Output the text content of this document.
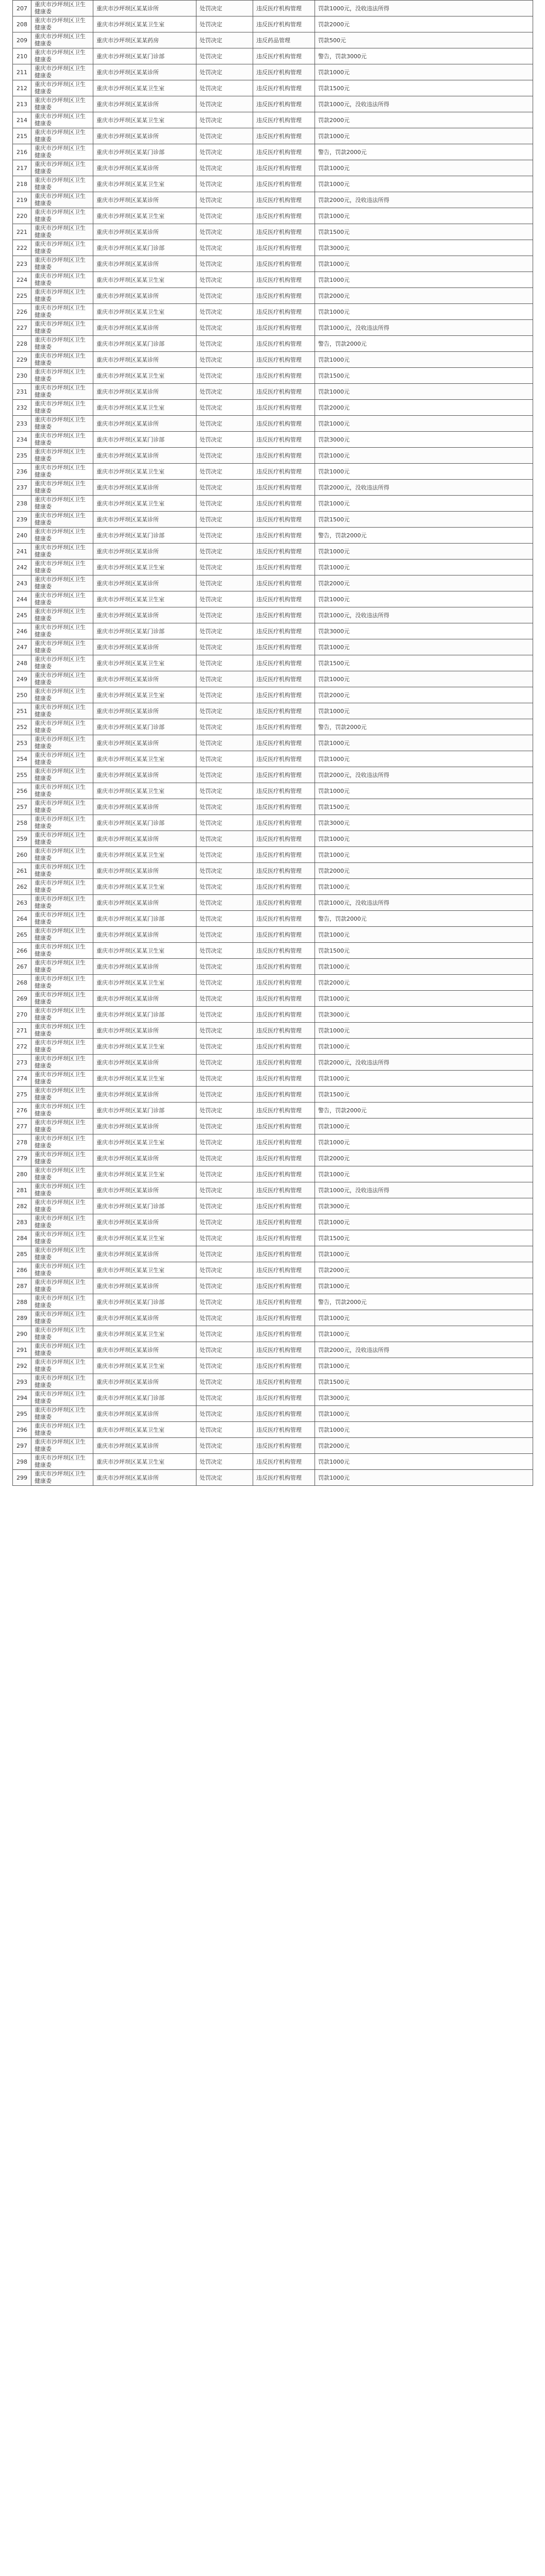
207	重庆市沙坪坝区卫生健康委	重庆市沙坪坝区某某诊所	处罚决定	违反医疗机构管理	罚款1000元，没收违法所得
208	重庆市沙坪坝区卫生健康委	重庆市沙坪坝区某某卫生室	处罚决定	违反医疗机构管理	罚款2000元
209	重庆市沙坪坝区卫生健康委	重庆市沙坪坝区某某药房	处罚决定	违反药品管理	罚款500元
210	重庆市沙坪坝区卫生健康委	重庆市沙坪坝区某某门诊部	处罚决定	违反医疗机构管理	警告，罚款3000元
211	重庆市沙坪坝区卫生健康委	重庆市沙坪坝区某某诊所	处罚决定	违反医疗机构管理	罚款1000元
212	重庆市沙坪坝区卫生健康委	重庆市沙坪坝区某某卫生室	处罚决定	违反医疗机构管理	罚款1500元
213	重庆市沙坪坝区卫生健康委	重庆市沙坪坝区某某诊所	处罚决定	违反医疗机构管理	罚款1000元，没收违法所得
214	重庆市沙坪坝区卫生健康委	重庆市沙坪坝区某某卫生室	处罚决定	违反医疗机构管理	罚款2000元
215	重庆市沙坪坝区卫生健康委	重庆市沙坪坝区某某诊所	处罚决定	违反医疗机构管理	罚款1000元
216	重庆市沙坪坝区卫生健康委	重庆市沙坪坝区某某门诊部	处罚决定	违反医疗机构管理	警告，罚款2000元
217	重庆市沙坪坝区卫生健康委	重庆市沙坪坝区某某诊所	处罚决定	违反医疗机构管理	罚款1000元
218	重庆市沙坪坝区卫生健康委	重庆市沙坪坝区某某卫生室	处罚决定	违反医疗机构管理	罚款1000元
219	重庆市沙坪坝区卫生健康委	重庆市沙坪坝区某某诊所	处罚决定	违反医疗机构管理	罚款2000元，没收违法所得
220	重庆市沙坪坝区卫生健康委	重庆市沙坪坝区某某卫生室	处罚决定	违反医疗机构管理	罚款1000元
221	重庆市沙坪坝区卫生健康委	重庆市沙坪坝区某某诊所	处罚决定	违反医疗机构管理	罚款1500元
222	重庆市沙坪坝区卫生健康委	重庆市沙坪坝区某某门诊部	处罚决定	违反医疗机构管理	罚款3000元
223	重庆市沙坪坝区卫生健康委	重庆市沙坪坝区某某诊所	处罚决定	违反医疗机构管理	罚款1000元
224	重庆市沙坪坝区卫生健康委	重庆市沙坪坝区某某卫生室	处罚决定	违反医疗机构管理	罚款1000元
225	重庆市沙坪坝区卫生健康委	重庆市沙坪坝区某某诊所	处罚决定	违反医疗机构管理	罚款2000元
226	重庆市沙坪坝区卫生健康委	重庆市沙坪坝区某某卫生室	处罚决定	违反医疗机构管理	罚款1000元
227	重庆市沙坪坝区卫生健康委	重庆市沙坪坝区某某诊所	处罚决定	违反医疗机构管理	罚款1000元，没收违法所得
228	重庆市沙坪坝区卫生健康委	重庆市沙坪坝区某某门诊部	处罚决定	违反医疗机构管理	警告，罚款2000元
229	重庆市沙坪坝区卫生健康委	重庆市沙坪坝区某某诊所	处罚决定	违反医疗机构管理	罚款1000元
230	重庆市沙坪坝区卫生健康委	重庆市沙坪坝区某某卫生室	处罚决定	违反医疗机构管理	罚款1500元
231	重庆市沙坪坝区卫生健康委	重庆市沙坪坝区某某诊所	处罚决定	违反医疗机构管理	罚款1000元
232	重庆市沙坪坝区卫生健康委	重庆市沙坪坝区某某卫生室	处罚决定	违反医疗机构管理	罚款2000元
233	重庆市沙坪坝区卫生健康委	重庆市沙坪坝区某某诊所	处罚决定	违反医疗机构管理	罚款1000元
234	重庆市沙坪坝区卫生健康委	重庆市沙坪坝区某某门诊部	处罚决定	违反医疗机构管理	罚款3000元
235	重庆市沙坪坝区卫生健康委	重庆市沙坪坝区某某诊所	处罚决定	违反医疗机构管理	罚款1000元
236	重庆市沙坪坝区卫生健康委	重庆市沙坪坝区某某卫生室	处罚决定	违反医疗机构管理	罚款1000元
237	重庆市沙坪坝区卫生健康委	重庆市沙坪坝区某某诊所	处罚决定	违反医疗机构管理	罚款2000元，没收违法所得
238	重庆市沙坪坝区卫生健康委	重庆市沙坪坝区某某卫生室	处罚决定	违反医疗机构管理	罚款1000元
239	重庆市沙坪坝区卫生健康委	重庆市沙坪坝区某某诊所	处罚决定	违反医疗机构管理	罚款1500元
240	重庆市沙坪坝区卫生健康委	重庆市沙坪坝区某某门诊部	处罚决定	违反医疗机构管理	警告，罚款2000元
241	重庆市沙坪坝区卫生健康委	重庆市沙坪坝区某某诊所	处罚决定	违反医疗机构管理	罚款1000元
242	重庆市沙坪坝区卫生健康委	重庆市沙坪坝区某某卫生室	处罚决定	违反医疗机构管理	罚款1000元
243	重庆市沙坪坝区卫生健康委	重庆市沙坪坝区某某诊所	处罚决定	违反医疗机构管理	罚款2000元
244	重庆市沙坪坝区卫生健康委	重庆市沙坪坝区某某卫生室	处罚决定	违反医疗机构管理	罚款1000元
245	重庆市沙坪坝区卫生健康委	重庆市沙坪坝区某某诊所	处罚决定	违反医疗机构管理	罚款1000元，没收违法所得
246	重庆市沙坪坝区卫生健康委	重庆市沙坪坝区某某门诊部	处罚决定	违反医疗机构管理	罚款3000元
247	重庆市沙坪坝区卫生健康委	重庆市沙坪坝区某某诊所	处罚决定	违反医疗机构管理	罚款1000元
248	重庆市沙坪坝区卫生健康委	重庆市沙坪坝区某某卫生室	处罚决定	违反医疗机构管理	罚款1500元
249	重庆市沙坪坝区卫生健康委	重庆市沙坪坝区某某诊所	处罚决定	违反医疗机构管理	罚款1000元
250	重庆市沙坪坝区卫生健康委	重庆市沙坪坝区某某卫生室	处罚决定	违反医疗机构管理	罚款2000元
251	重庆市沙坪坝区卫生健康委	重庆市沙坪坝区某某诊所	处罚决定	违反医疗机构管理	罚款1000元
252	重庆市沙坪坝区卫生健康委	重庆市沙坪坝区某某门诊部	处罚决定	违反医疗机构管理	警告，罚款2000元
253	重庆市沙坪坝区卫生健康委	重庆市沙坪坝区某某诊所	处罚决定	违反医疗机构管理	罚款1000元
254	重庆市沙坪坝区卫生健康委	重庆市沙坪坝区某某卫生室	处罚决定	违反医疗机构管理	罚款1000元
255	重庆市沙坪坝区卫生健康委	重庆市沙坪坝区某某诊所	处罚决定	违反医疗机构管理	罚款2000元，没收违法所得
256	重庆市沙坪坝区卫生健康委	重庆市沙坪坝区某某卫生室	处罚决定	违反医疗机构管理	罚款1000元
257	重庆市沙坪坝区卫生健康委	重庆市沙坪坝区某某诊所	处罚决定	违反医疗机构管理	罚款1500元
258	重庆市沙坪坝区卫生健康委	重庆市沙坪坝区某某门诊部	处罚决定	违反医疗机构管理	罚款3000元
259	重庆市沙坪坝区卫生健康委	重庆市沙坪坝区某某诊所	处罚决定	违反医疗机构管理	罚款1000元
260	重庆市沙坪坝区卫生健康委	重庆市沙坪坝区某某卫生室	处罚决定	违反医疗机构管理	罚款1000元
261	重庆市沙坪坝区卫生健康委	重庆市沙坪坝区某某诊所	处罚决定	违反医疗机构管理	罚款2000元
262	重庆市沙坪坝区卫生健康委	重庆市沙坪坝区某某卫生室	处罚决定	违反医疗机构管理	罚款1000元
263	重庆市沙坪坝区卫生健康委	重庆市沙坪坝区某某诊所	处罚决定	违反医疗机构管理	罚款1000元，没收违法所得
264	重庆市沙坪坝区卫生健康委	重庆市沙坪坝区某某门诊部	处罚决定	违反医疗机构管理	警告，罚款2000元
265	重庆市沙坪坝区卫生健康委	重庆市沙坪坝区某某诊所	处罚决定	违反医疗机构管理	罚款1000元
266	重庆市沙坪坝区卫生健康委	重庆市沙坪坝区某某卫生室	处罚决定	违反医疗机构管理	罚款1500元
267	重庆市沙坪坝区卫生健康委	重庆市沙坪坝区某某诊所	处罚决定	违反医疗机构管理	罚款1000元
268	重庆市沙坪坝区卫生健康委	重庆市沙坪坝区某某卫生室	处罚决定	违反医疗机构管理	罚款2000元
269	重庆市沙坪坝区卫生健康委	重庆市沙坪坝区某某诊所	处罚决定	违反医疗机构管理	罚款1000元
270	重庆市沙坪坝区卫生健康委	重庆市沙坪坝区某某门诊部	处罚决定	违反医疗机构管理	罚款3000元
271	重庆市沙坪坝区卫生健康委	重庆市沙坪坝区某某诊所	处罚决定	违反医疗机构管理	罚款1000元
272	重庆市沙坪坝区卫生健康委	重庆市沙坪坝区某某卫生室	处罚决定	违反医疗机构管理	罚款1000元
273	重庆市沙坪坝区卫生健康委	重庆市沙坪坝区某某诊所	处罚决定	违反医疗机构管理	罚款2000元，没收违法所得
274	重庆市沙坪坝区卫生健康委	重庆市沙坪坝区某某卫生室	处罚决定	违反医疗机构管理	罚款1000元
275	重庆市沙坪坝区卫生健康委	重庆市沙坪坝区某某诊所	处罚决定	违反医疗机构管理	罚款1500元
276	重庆市沙坪坝区卫生健康委	重庆市沙坪坝区某某门诊部	处罚决定	违反医疗机构管理	警告，罚款2000元
277	重庆市沙坪坝区卫生健康委	重庆市沙坪坝区某某诊所	处罚决定	违反医疗机构管理	罚款1000元
278	重庆市沙坪坝区卫生健康委	重庆市沙坪坝区某某卫生室	处罚决定	违反医疗机构管理	罚款1000元
279	重庆市沙坪坝区卫生健康委	重庆市沙坪坝区某某诊所	处罚决定	违反医疗机构管理	罚款2000元
280	重庆市沙坪坝区卫生健康委	重庆市沙坪坝区某某卫生室	处罚决定	违反医疗机构管理	罚款1000元
281	重庆市沙坪坝区卫生健康委	重庆市沙坪坝区某某诊所	处罚决定	违反医疗机构管理	罚款1000元，没收违法所得
282	重庆市沙坪坝区卫生健康委	重庆市沙坪坝区某某门诊部	处罚决定	违反医疗机构管理	罚款3000元
283	重庆市沙坪坝区卫生健康委	重庆市沙坪坝区某某诊所	处罚决定	违反医疗机构管理	罚款1000元
284	重庆市沙坪坝区卫生健康委	重庆市沙坪坝区某某卫生室	处罚决定	违反医疗机构管理	罚款1500元
285	重庆市沙坪坝区卫生健康委	重庆市沙坪坝区某某诊所	处罚决定	违反医疗机构管理	罚款1000元
286	重庆市沙坪坝区卫生健康委	重庆市沙坪坝区某某卫生室	处罚决定	违反医疗机构管理	罚款2000元
287	重庆市沙坪坝区卫生健康委	重庆市沙坪坝区某某诊所	处罚决定	违反医疗机构管理	罚款1000元
288	重庆市沙坪坝区卫生健康委	重庆市沙坪坝区某某门诊部	处罚决定	违反医疗机构管理	警告，罚款2000元
289	重庆市沙坪坝区卫生健康委	重庆市沙坪坝区某某诊所	处罚决定	违反医疗机构管理	罚款1000元
290	重庆市沙坪坝区卫生健康委	重庆市沙坪坝区某某卫生室	处罚决定	违反医疗机构管理	罚款1000元
291	重庆市沙坪坝区卫生健康委	重庆市沙坪坝区某某诊所	处罚决定	违反医疗机构管理	罚款2000元，没收违法所得
292	重庆市沙坪坝区卫生健康委	重庆市沙坪坝区某某卫生室	处罚决定	违反医疗机构管理	罚款1000元
293	重庆市沙坪坝区卫生健康委	重庆市沙坪坝区某某诊所	处罚决定	违反医疗机构管理	罚款1500元
294	重庆市沙坪坝区卫生健康委	重庆市沙坪坝区某某门诊部	处罚决定	违反医疗机构管理	罚款3000元
295	重庆市沙坪坝区卫生健康委	重庆市沙坪坝区某某诊所	处罚决定	违反医疗机构管理	罚款1000元
296	重庆市沙坪坝区卫生健康委	重庆市沙坪坝区某某卫生室	处罚决定	违反医疗机构管理	罚款1000元
297	重庆市沙坪坝区卫生健康委	重庆市沙坪坝区某某诊所	处罚决定	违反医疗机构管理	罚款2000元
298	重庆市沙坪坝区卫生健康委	重庆市沙坪坝区某某卫生室	处罚决定	违反医疗机构管理	罚款1000元
299	重庆市沙坪坝区卫生健康委	重庆市沙坪坝区某某诊所	处罚决定	违反医疗机构管理	罚款1000元
